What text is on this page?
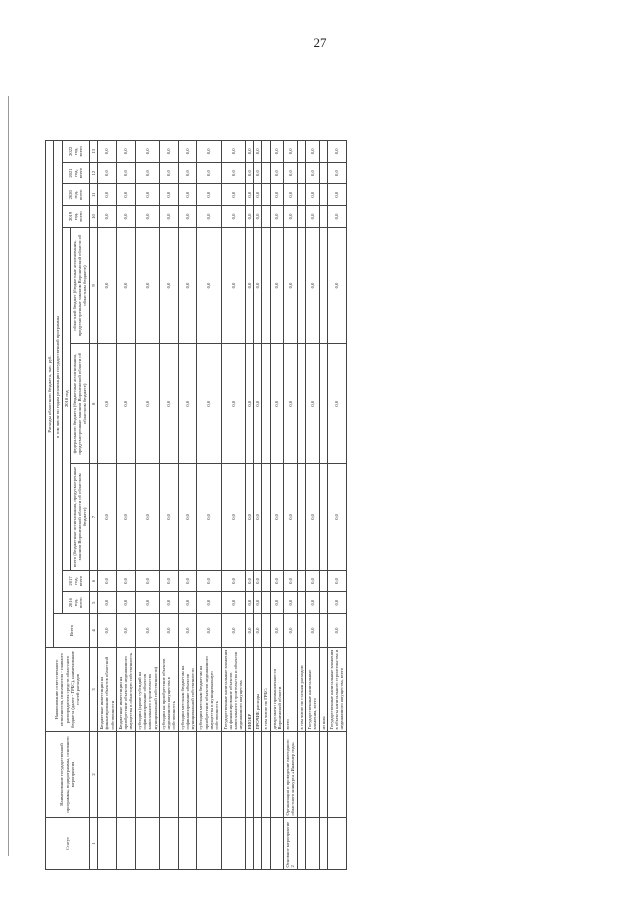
27
Статус	Наименование государственной программы, подпрограммы, основного мероприятия	Наименование ответственного исполнителя, исполнителя - главного распорядителя средств областного бюджета (далее - ГРБС), наименование статей расходов	Расходы областного бюджета, тыс. руб.									
			Всего	в том числе по годам реализации государственной программы								
				2016 год, всего	2017 год, всего	2018 год			2019 год, всего	2020 год, всего	2021 год, всего	2022 год, всего
						всего (бюджетные ассигнования, предусмотренные законом Воронежской области об областном бюджете)	федерального бюджета (бюджетные ассигнования, предусмотренные законом Воронежской области об областном бюджете)	областной бюджет (бюджетные ассигнования, предусмотренные законом Воронежской области об областном бюджете)				
1	2	3	4	5	6	7	8	9	10	11	12	13
		Бюджетные инвестиции на финансирование объектов областной собственности	0,0	0,0	0,0	0,0	0,0	0,0	0,0	0,0	0,0	0,0
		Бюджетные инвестиции на приобретение объектов недвижимого имущества в областную собственность	0,0	0,0	0,0	0,0	0,0	0,0	0,0	0,0	0,0	0,0
		субсидии (кроме субсидий на софинансирование объектов капитального строительства муниципальной собственности)	0,0	0,0	0,0	0,0	0,0	0,0	0,0	0,0	0,0	0,0
		субсидии на приобретение объектов недвижимого имущества в собственность	0,0	0,0	0,0	0,0	0,0	0,0	0,0	0,0	0,0	0,0
		субсидии местным бюджетам на софинансирование объектов муниципальной собственности	0,0	0,0	0,0	0,0	0,0	0,0	0,0	0,0	0,0	0,0
		субсидии местным бюджетам на приобретение объектов недвижимого имущества в муниципальную собственность	0,0	0,0	0,0	0,0	0,0	0,0	0,0	0,0	0,0	0,0
		Государственные капитальные вложения на финансирование объектов капитального строительства и объектов недвижимого имущества	0,0	0,0	0,0	0,0	0,0	0,0	0,0	0,0	0,0	0,0
		НИОКР	0,0	0,0	0,0	0,0	0,0	0,0	0,0	0,0	0,0	0,0
		ПРОЧИЕ расходы	0,0	0,0	0,0	0,0	0,0	0,0	0,0	0,0	0,0	0,0
		в том числе по ГРБС:										
		департамент промышленности Воронежской области	0,0	0,0	0,0	0,0	0,0	0,0	0,0	0,0	0,0	0,0
Основное мероприятие 2	Организация и проведение ежегодного областного конкурса «Инженер года»	всего	0,0	0,0	0,0	0,0	0,0	0,0	0,0	0,0	0,0	0,0
		в том числе по статьям расходов:										
		Государственные капитальные вложения, всего	0,0	0,0	0,0	0,0	0,0	0,0	0,0	0,0	0,0	0,0
		из них:										
		Государственные капитальные вложения в объекты капитального строительства и недвижимого имущества, всего	0,0	0,0	0,0	0,0	0,0	0,0	0,0	0,0	0,0	0,0
